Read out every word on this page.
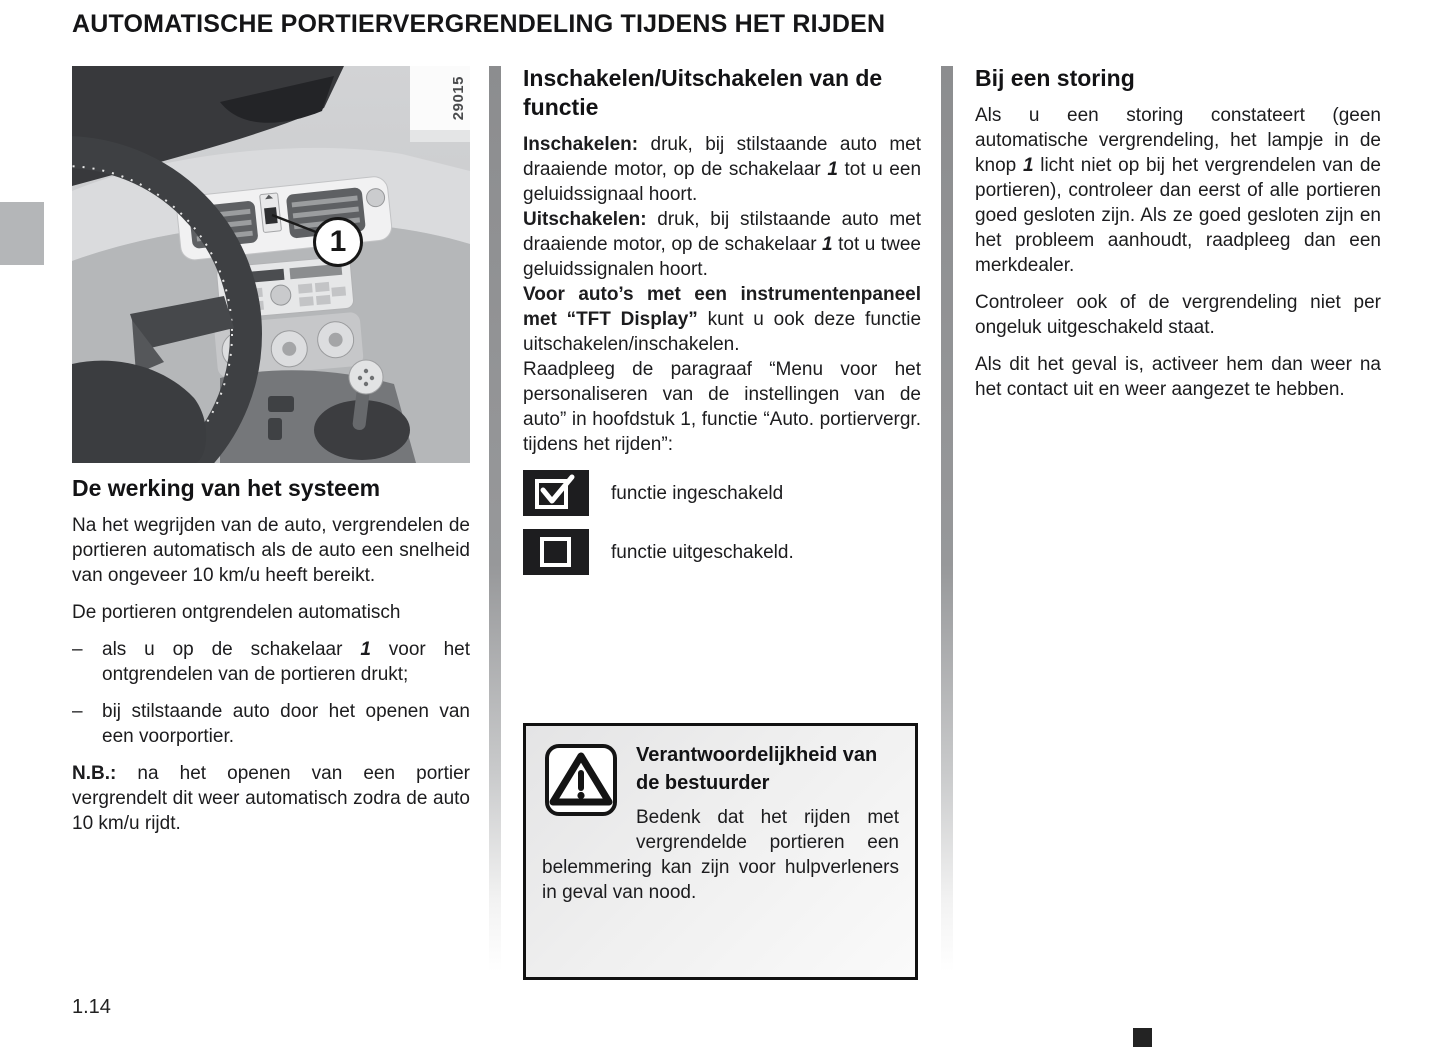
AUTOMATISCHE PORTIERVERGRENDELING TIJDENS HET RIJDEN
29015
1
De werking van het systeem

Na het wegrijden van de auto, vergrendelen de portieren automatisch als de auto een snelheid van ongeveer 10 km/u heeft bereikt.

De portieren ontgrendelen automatisch

–	als u op de schakelaar 1 voor het ontgrendelen van de portieren drukt;
–	bij stilstaande auto door het openen van een voorportier.

N.B.: na het openen van een portier vergrendelt dit weer automatisch zodra de auto 10 km/u rijdt.

Inschakelen/Uitschakelen van de functie

Inschakelen: druk, bij stilstaande auto met draaiende motor, op de schakelaar 1 tot u een geluidssignaal hoort.

Uitschakelen: druk, bij stilstaande auto met draaiende motor, op de schakelaar 1 tot u twee geluidssignalen hoort.

Voor auto’s met een instrumentenpaneel met “TFT Display” kunt u ook deze functie uitschakelen/inschakelen.

Raadpleeg de paragraaf “Menu voor het personaliseren van de instellingen van de auto” in hoofdstuk 1, functie “Auto. portiervergr. tijdens het rijden”:

functie ingeschakeld
functie uitgeschakeld.
Verantwoordelijkheid van de bestuurder

Bedenk dat het rijden met vergrendelde portieren een belemmering kan zijn voor hulpverleners in geval van nood.

Bij een storing

Als u een storing constateert (geen automatische vergrendeling, het lampje in de knop 1 licht niet op bij het vergrendelen van de portieren), controleer dan eerst of alle portieren goed gesloten zijn. Als ze goed gesloten zijn en het probleem aanhoudt, raadpleeg dan een merkdealer.

Controleer ook of de vergrendeling niet per ongeluk uitgeschakeld staat.

Als dit het geval is, activeer hem dan weer na het contact uit en weer aangezet te hebben.

1.14
